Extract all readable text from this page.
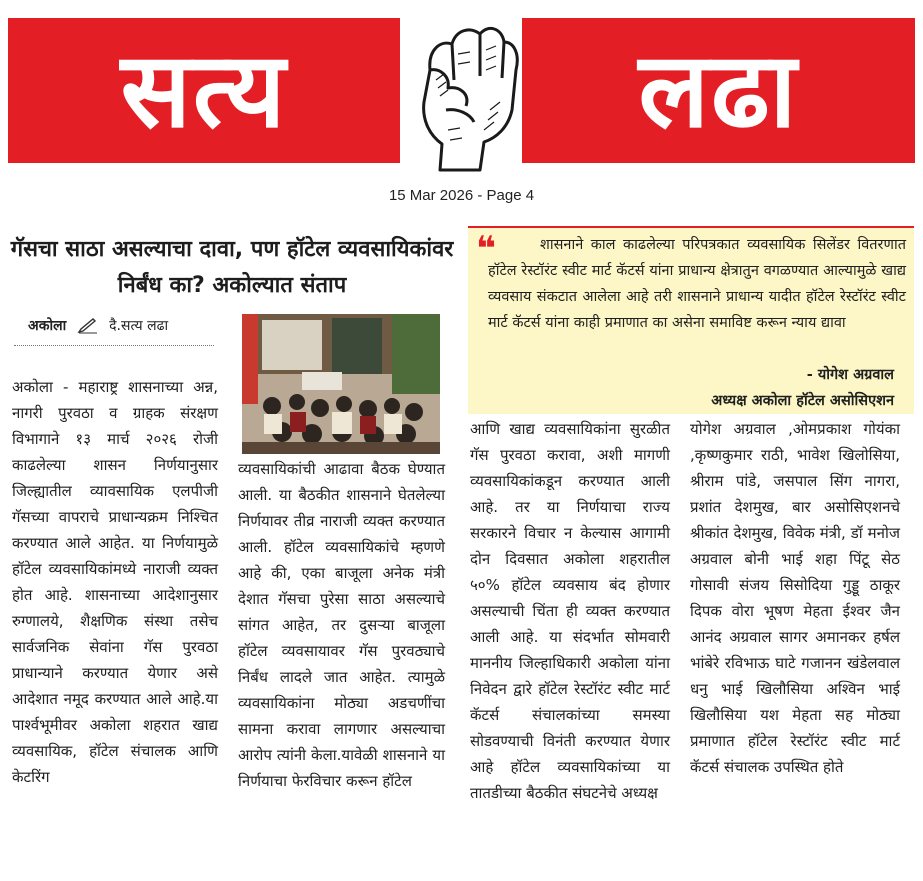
सत्य	लढा
15 Mar 2026 - Page 4
गॅसचा साठा असल्याचा दावा, पण हॉटेल व्यवसायिकांवर निर्बंध का? अकोल्यात संताप
अकोला	दै.सत्य लढा
अकोला - महाराष्ट्र शासनाच्या अन्न, नागरी पुरवठा व ग्राहक संरक्षण विभागाने १३ मार्च २०२६ रोजी काढलेल्या शासन निर्णयानुसार जिल्ह्यातील व्यावसायिक एलपीजी गॅसच्या वापराचे प्राधान्यक्रम निश्चित करण्यात आले आहेत. या निर्णयामुळे हॉटेल व्यवसायिकांमध्ये नाराजी व्यक्त होत आहे. शासनाच्या आदेशानुसार रुग्णालये, शैक्षणिक संस्था तसेच सार्वजनिक सेवांना गॅस पुरवठा प्राधान्याने करण्यात येणार असे आदेशात नमूद करण्यात आले आहे.या पार्श्वभूमीवर अकोला शहरात खाद्य व्यवसायिक, हॉटेल संचालक आणि केटरिंग
व्यवसायिकांची आढावा बैठक घेण्यात आली. या बैठकीत शासनाने घेतलेल्या निर्णयावर तीव्र नाराजी व्यक्त करण्यात आली. हॉटेल व्यवसायिकांचे म्हणणे आहे की, एका बाजूला अनेक मंत्री देशात गॅसचा पुरेसा साठा असल्याचे सांगत आहेत, तर दुसऱ्या बाजूला हॉटेल व्यवसायावर गॅस पुरवठ्याचे निर्बंध लादले जात आहेत. त्यामुळे व्यवसायिकांना मोठ्या अडचणींचा सामना करावा लागणार असल्याचा आरोप त्यांनी केला.यावेळी शासनाने या निर्णयाचा फेरविचार करून हॉटेल
❝	शासनाने काल काढलेल्या परिपत्रकात व्यवसायिक सिलेंडर वितरणात हॉटेल रेस्टॉरंट स्वीट मार्ट कॅटर्स यांना प्राधान्य क्षेत्रातुन वगळण्यात आल्यामुळे खाद्य व्यवसाय संकटात आलेला आहे तरी शासनाने प्राधान्य यादीत हॉटेल रेस्टॉरंट स्वीट मार्ट कॅटर्स यांना काही प्रमाणात का असेना समाविष्ट करून न्याय द्यावा
- योगेश अग्रवाल
अध्यक्ष अकोला हॉटेल असोसिएशन
आणि खाद्य व्यवसायिकांना सुरळीत गॅस पुरवठा करावा, अशी मागणी व्यवसायिकांकडून करण्यात आली आहे. तर या निर्णयाचा राज्य सरकारने विचार न केल्यास आगामी दोन दिवसात अकोला शहरातील ५०% हॉटेल व्यवसाय बंद होणार असल्याची चिंता ही व्यक्त करण्यात आली आहे. या संदर्भात सोमवारी माननीय जिल्हाधिकारी अकोला यांना निवेदन द्वारे हॉटेल रेस्टॉरंट स्वीट मार्ट कॅटर्स संचालकांच्या समस्या सोडवण्याची विनंती करण्यात येणार आहे हॉटेल व्यवसायिकांच्या या तातडीच्या बैठकीत संघटनेचे अध्यक्ष
योगेश अग्रवाल ,ओमप्रकाश गोयंका ,कृष्णकुमार राठी, भावेश खिलोसिया, श्रीराम पांडे, जसपाल सिंग नागरा, प्रशांत देशमुख, बार असोसिएशनचे श्रीकांत देशमुख, विवेक मंत्री, डॉ मनोज अग्रवाल बोनी भाई शहा पिंटू सेठ गोसावी संजय सिसोदिया गुड्डू ठाकूर दिपक वोरा भूषण मेहता ईश्वर जैन आनंद अग्रवाल सागर अमानकर हर्षल भांबेरे रविभाऊ घाटे गजानन खंडेलवाल धनु भाई खिलौसिया अश्विन भाई खिलौसिया यश मेहता सह मोठ्या प्रमाणात हॉटेल रेस्टॉरंट स्वीट मार्ट कॅटर्स संचालक उपस्थित होते
